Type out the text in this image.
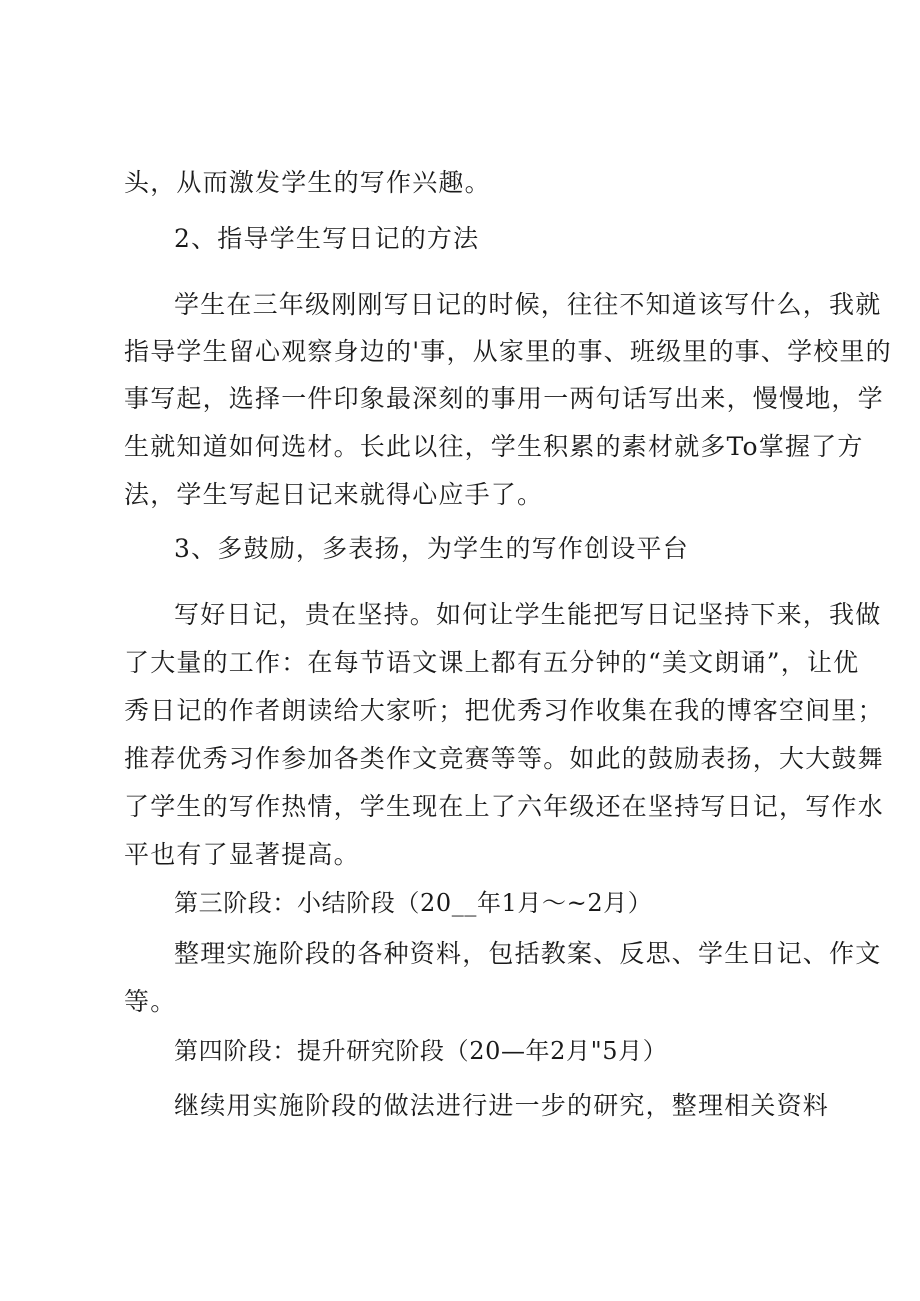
头，从而激发学生的写作兴趣。
2、指导学生写日记的方法
学生在三年级刚刚写日记的时候，往往不知道该写什么，我就
指导学生留心观察身边的'事，从家里的事、班级里的事、学校里的
事写起，选择一件印象最深刻的事用一两句话写出来，慢慢地，学
生就知道如何选材。长此以往，学生积累的素材就多To掌握了方
法，学生写起日记来就得心应手了。
3、多鼓励，多表扬，为学生的写作创设平台
写好日记，贵在坚持。如何让学生能把写日记坚持下来，我做
了大量的工作：在每节语文课上都有五分钟的“美文朗诵”，让优
秀日记的作者朗读给大家听；把优秀习作收集在我的博客空间里；
推荐优秀习作参加各类作文竞赛等等。如此的鼓励表扬，大大鼓舞
了学生的写作热情，学生现在上了六年级还在坚持写日记，写作水
平也有了显著提高。
第三阶段：小结阶段（20__年1月～~2月）
整理实施阶段的各种资料，包括教案、反思、学生日记、作文
等。
第四阶段：提升研究阶段（20—年2月"5月）
继续用实施阶段的做法进行进一步的研究，整理相关资料
